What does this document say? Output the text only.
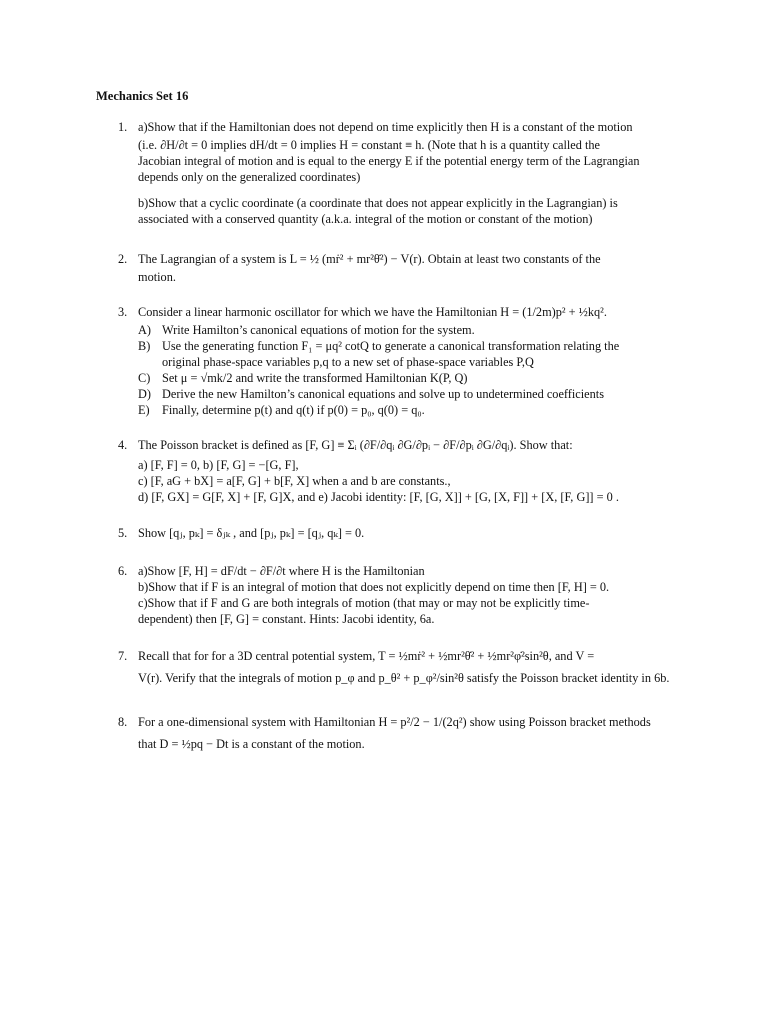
Mechanics Set 16
1. a)Show that if the Hamiltonian does not depend on time explicitly then H is a constant of the motion

(i.e. ∂H/∂t = 0 implies dH/dt = 0 implies H = constant ≡ h. (Note that h is a quantity called the

Jacobian integral of motion and is equal to the energy E if the potential energy term of the Lagrangian

depends only on the generalized coordinates)

b)Show that a cyclic coordinate (a coordinate that does not appear explicitly in the Lagrangian) is

associated with a conserved quantity (a.k.a. integral of the motion or constant of the motion)

2. The Lagrangian of a system is L = ½ (mṙ² + mr²θ̇²) − V(r). Obtain at least two constants of the

motion.

3. Consider a linear harmonic oscillator for which we have the Hamiltonian H = (1/2m)p² + ½kq².

A) Write Hamilton’s canonical equations of motion for the system.

B) Use the generating function F₁ = μq² cotQ to generate a canonical transformation relating the

original phase-space variables p,q to a new set of phase-space variables P,Q

C) Set μ = √mk/2 and write the transformed Hamiltonian K(P, Q)

D) Derive the new Hamilton’s canonical equations and solve up to undetermined coefficients

E) Finally, determine p(t) and q(t) if p(0) = p₀, q(0) = q₀.

4. The Poisson bracket is defined as [F, G] ≡ Σᵢ (∂F/∂qᵢ ∂G/∂pᵢ − ∂F/∂pᵢ ∂G/∂qᵢ). Show that:

a) [F, F] = 0, b) [F, G] = −[G, F],

c) [F, aG + bX] = a[F, G] + b[F, X] when a and b are constants.,

d) [F, GX] = G[F, X] + [F, G]X, and e) Jacobi identity: [F, [G, X]] + [G, [X, F]] + [X, [F, G]] = 0 .

5. Show [qⱼ, pₖ] = δⱼₖ , and [pⱼ, pₖ] = [qⱼ, qₖ] = 0.

6. a)Show [F, H] = dF/dt − ∂F/∂t where H is the Hamiltonian

b)Show that if F is an integral of motion that does not explicitly depend on time then [F, H] = 0.

c)Show that if F and G are both integrals of motion (that may or may not be explicitly time-

dependent) then [F, G] = constant. Hints: Jacobi identity, 6a.

7. Recall that for for a 3D central potential system, T = ½mṙ² + ½mr²θ̇² + ½mr²φ̇²sin²θ, and V =

V(r). Verify that the integrals of motion p_φ and p_θ² + p_φ²/sin²θ satisfy the Poisson bracket identity in 6b.

8. For a one-dimensional system with Hamiltonian H = p²/2 − 1/(2q²) show using Poisson bracket methods

that D = ½pq − Dt is a constant of the motion.
